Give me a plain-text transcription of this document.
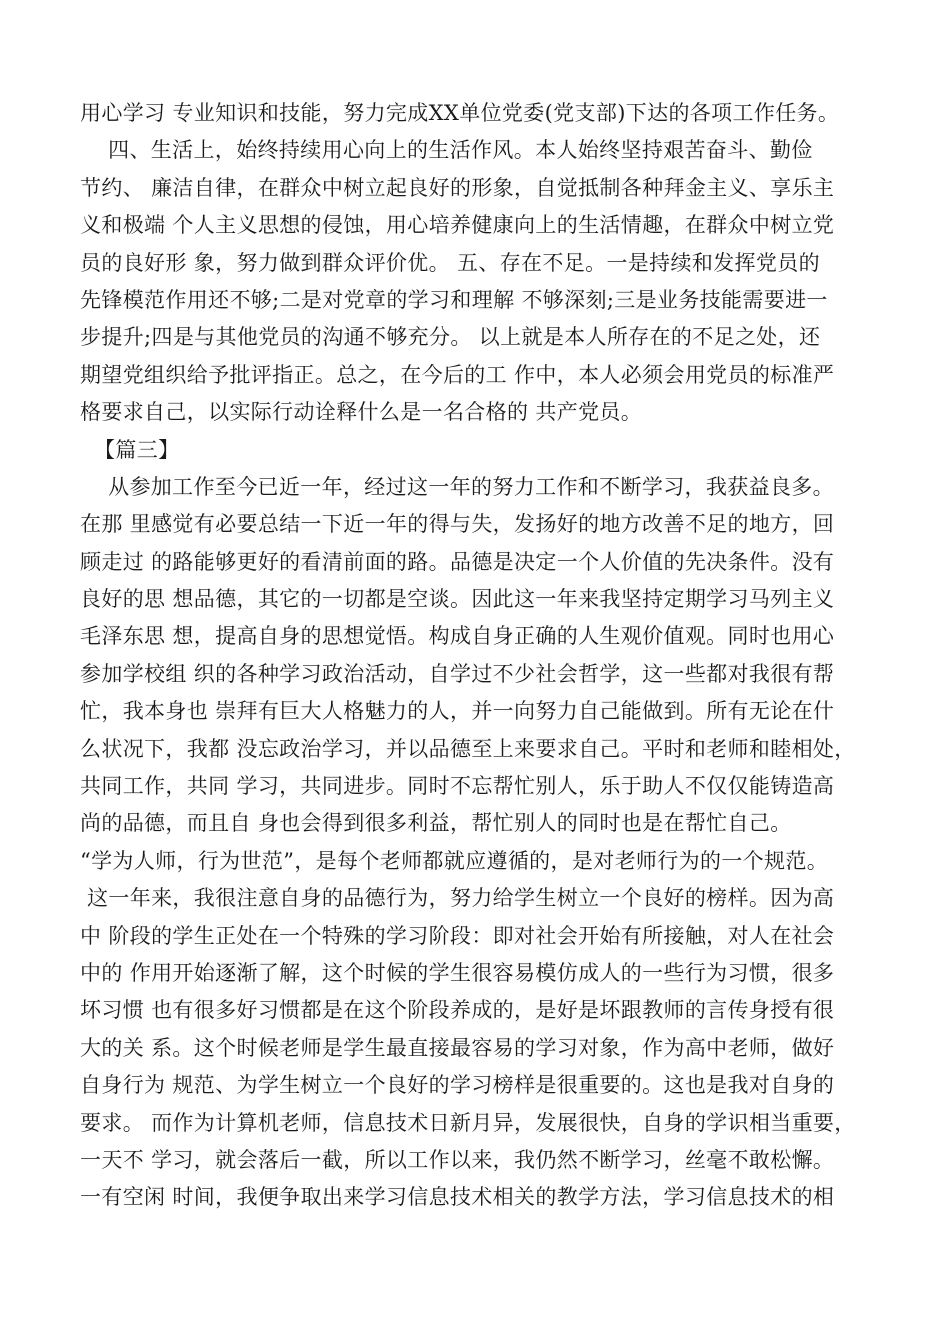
用心学习 专业知识和技能，努力完成XX单位党委(党支部)下达的各项工作任务。
四、生活上，始终持续用心向上的生活作风。本人始终坚持艰苦奋斗、勤俭
节约、 廉洁自律，在群众中树立起良好的形象，自觉抵制各种拜金主义、享乐主
义和极端 个人主义思想的侵蚀，用心培养健康向上的生活情趣，在群众中树立党
员的良好形 象，努力做到群众评价优。 五、存在不足。一是持续和发挥党员的
先锋模范作用还不够;二是对党章的学习和理解 不够深刻;三是业务技能需要进一
步提升;四是与其他党员的沟通不够充分。 以上就是本人所存在的不足之处，还
期望党组织给予批评指正。总之，在今后的工 作中，本人必须会用党员的标准严
格要求自己，以实际行动诠释什么是一名合格的 共产党员。
【篇三】
从参加工作至今已近一年，经过这一年的努力工作和不断学习，我获益良多。
在那 里感觉有必要总结一下近一年的得与失，发扬好的地方改善不足的地方，回
顾走过 的路能够更好的看清前面的路。品德是决定一个人价值的先决条件。没有
良好的思 想品德，其它的一切都是空谈。因此这一年来我坚持定期学习马列主义
毛泽东思 想，提高自身的思想觉悟。构成自身正确的人生观价值观。同时也用心
参加学校组 织的各种学习政治活动，自学过不少社会哲学，这一些都对我很有帮
忙，我本身也 崇拜有巨大人格魅力的人，并一向努力自己能做到。所有无论在什
么状况下，我都 没忘政治学习，并以品德至上来要求自己。平时和老师和睦相处，
共同工作，共同 学习，共同进步。同时不忘帮忙别人，乐于助人不仅仅能铸造高
尚的品德，而且自 身也会得到很多利益，帮忙别人的同时也是在帮忙自己。
“学为人师，行为世范”，是每个老师都就应遵循的，是对老师行为的一个规范。
这一年来，我很注意自身的品德行为，努力给学生树立一个良好的榜样。因为高
中 阶段的学生正处在一个特殊的学习阶段：即对社会开始有所接触，对人在社会
中的 作用开始逐渐了解，这个时候的学生很容易模仿成人的一些行为习惯，很多
坏习惯 也有很多好习惯都是在这个阶段养成的，是好是坏跟教师的言传身授有很
大的关 系。这个时候老师是学生最直接最容易的学习对象，作为高中老师，做好
自身行为 规范、为学生树立一个良好的学习榜样是很重要的。这也是我对自身的
要求。 而作为计算机老师，信息技术日新月异，发展很快，自身的学识相当重要，
一天不 学习，就会落后一截，所以工作以来，我仍然不断学习，丝毫不敢松懈。
一有空闲 时间，我便争取出来学习信息技术相关的教学方法，学习信息技术的相
